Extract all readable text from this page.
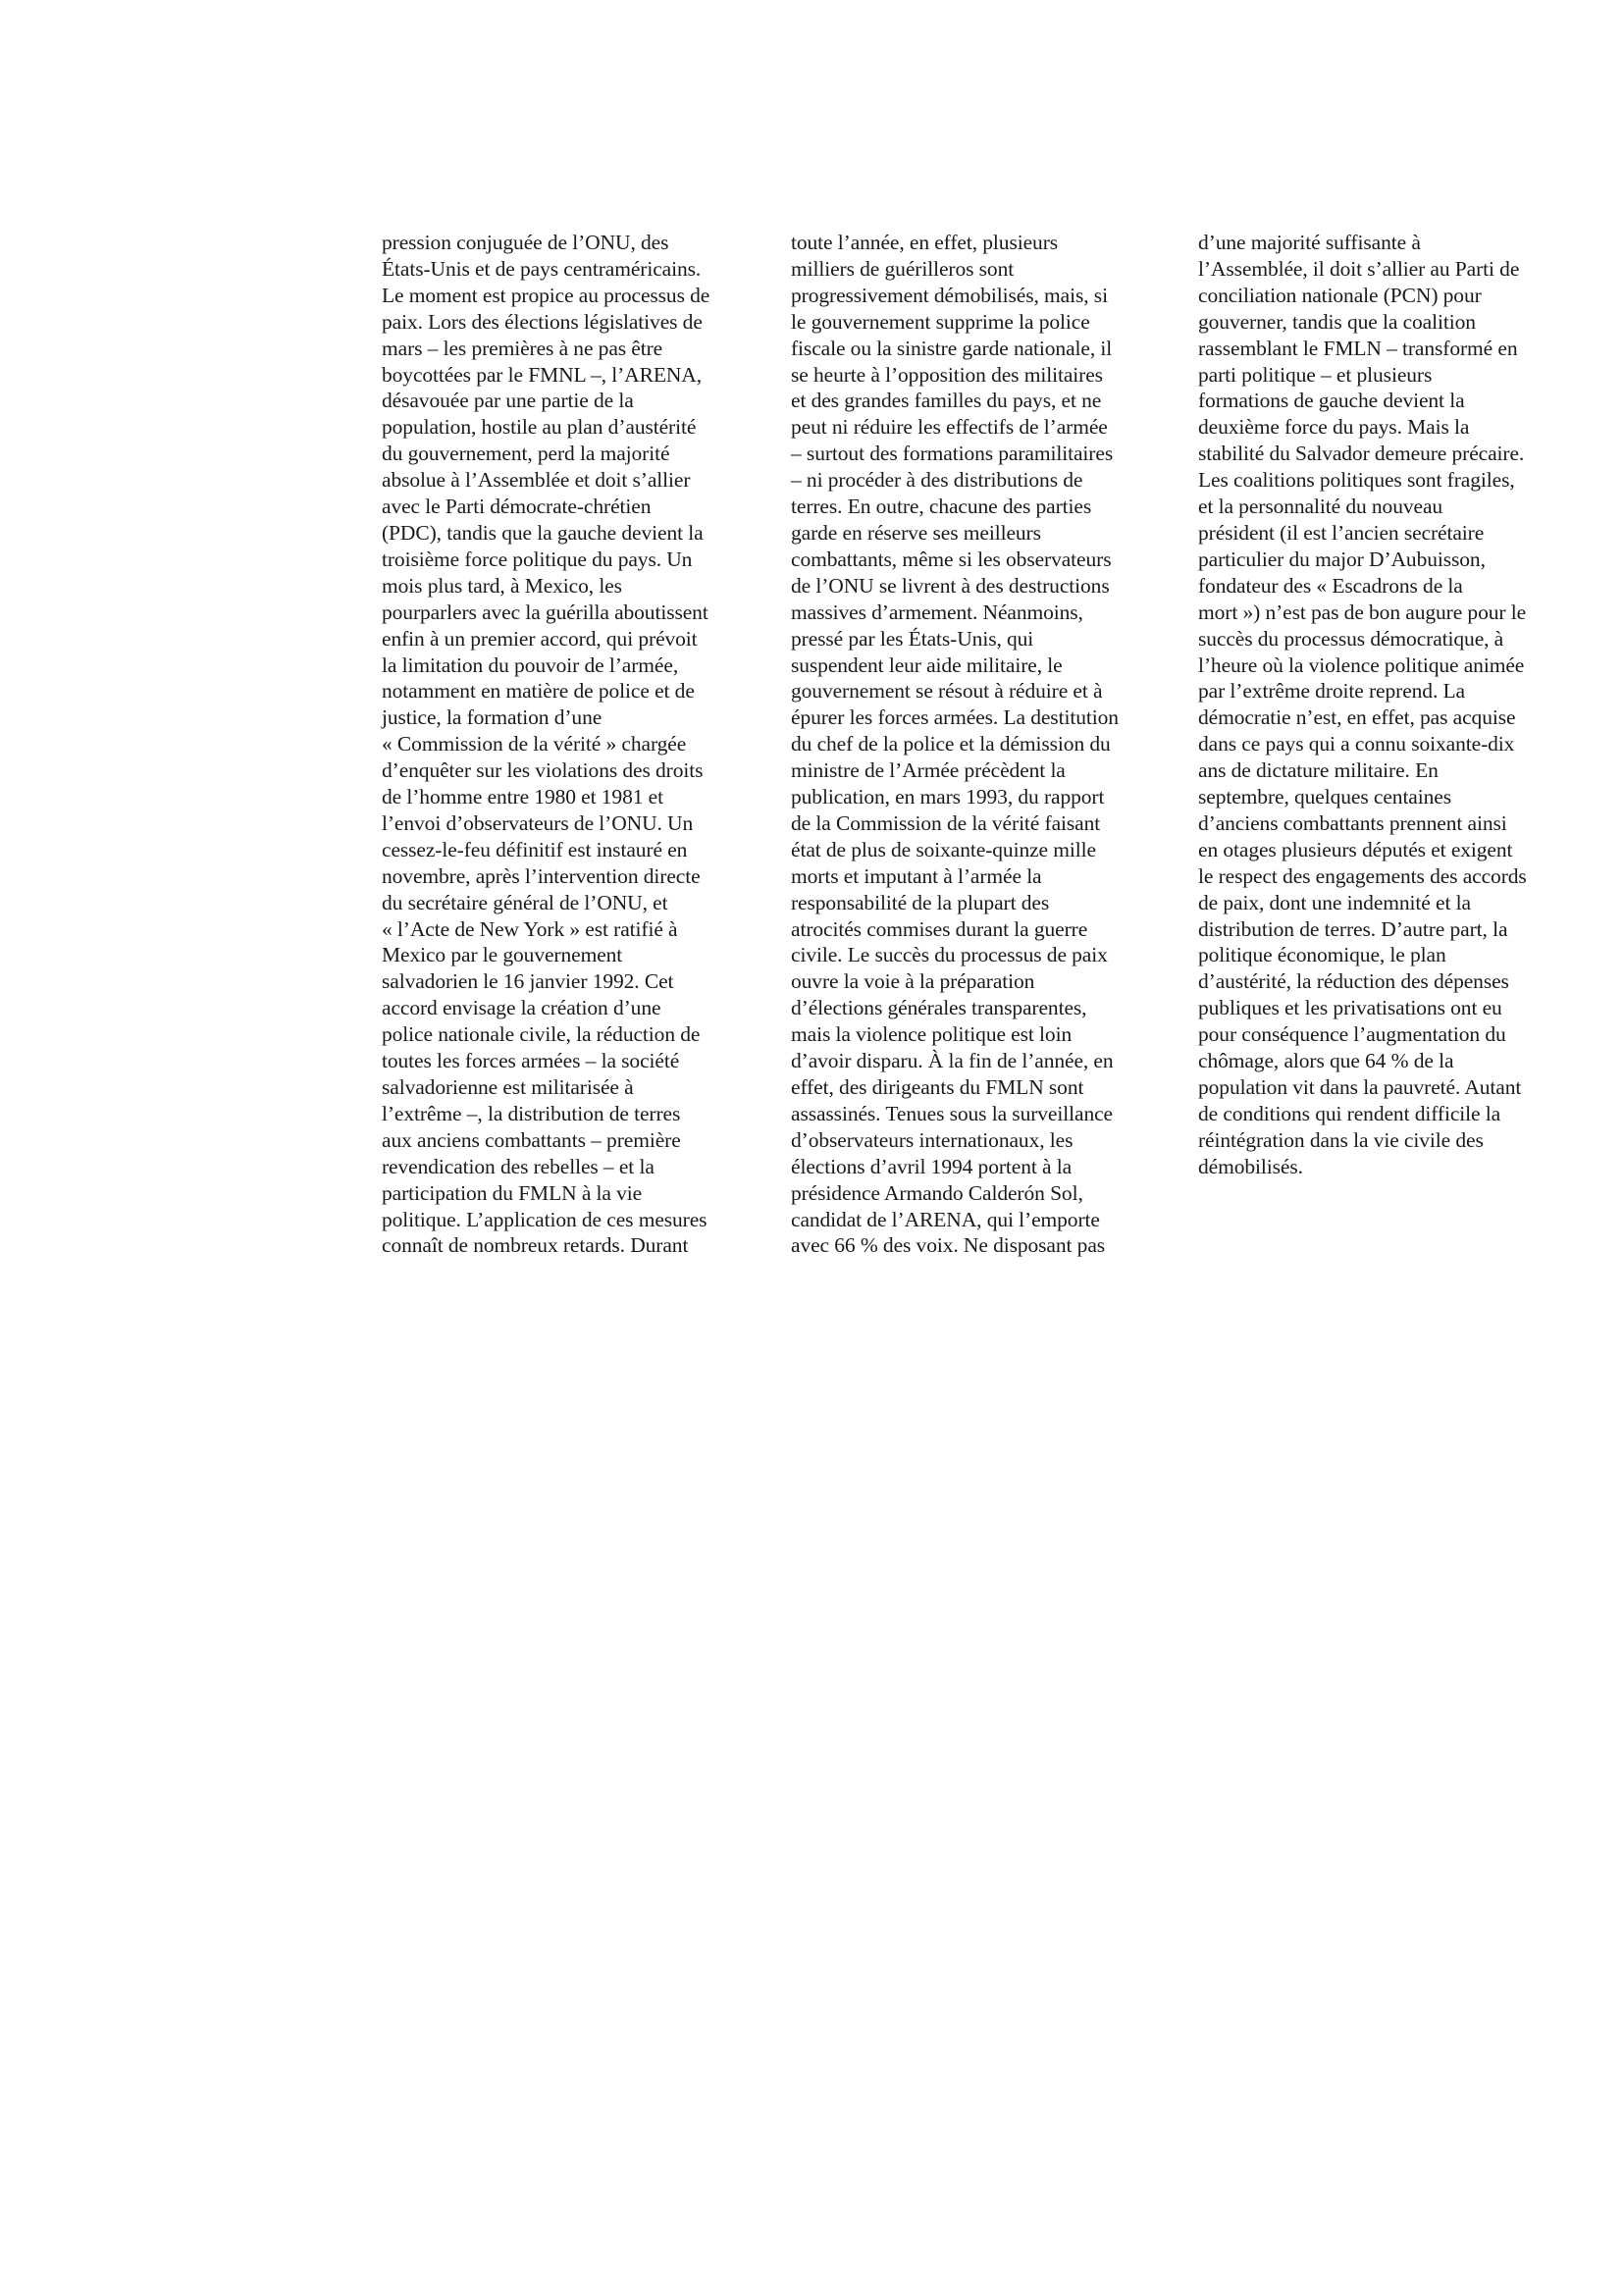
pression conjuguée de l’ONU, des
États-Unis et de pays centraméricains.
Le moment est propice au processus de
paix. Lors des élections législatives de
mars – les premières à ne pas être
boycottées par le FMNL –, l’ARENA,
désavouée par une partie de la
population, hostile au plan d’austérité
du gouvernement, perd la majorité
absolue à l’Assemblée et doit s’allier
avec le Parti démocrate-chrétien
(PDC), tandis que la gauche devient la
troisième force politique du pays. Un
mois plus tard, à Mexico, les
pourparlers avec la guérilla aboutissent
enfin à un premier accord, qui prévoit
la limitation du pouvoir de l’armée,
notamment en matière de police et de
justice, la formation d’une
« Commission de la vérité » chargée
d’enquêter sur les violations des droits
de l’homme entre 1980 et 1981 et
l’envoi d’observateurs de l’ONU. Un
cessez-le-feu définitif est instauré en
novembre, après l’intervention directe
du secrétaire général de l’ONU, et
« l’Acte de New York » est ratifié à
Mexico par le gouvernement
salvadorien le 16 janvier 1992. Cet
accord envisage la création d’une
police nationale civile, la réduction de
toutes les forces armées – la société
salvadorienne est militarisée à
l’extrême –, la distribution de terres
aux anciens combattants – première
revendication des rebelles – et la
participation du FMLN à la vie
politique. L’application de ces mesures
connaît de nombreux retards. Durant

toute l’année, en effet, plusieurs
milliers de guérilleros sont
progressivement démobilisés, mais, si
le gouvernement supprime la police
fiscale ou la sinistre garde nationale, il
se heurte à l’opposition des militaires
et des grandes familles du pays, et ne
peut ni réduire les effectifs de l’armée
– surtout des formations paramilitaires
– ni procéder à des distributions de
terres. En outre, chacune des parties
garde en réserve ses meilleurs
combattants, même si les observateurs
de l’ONU se livrent à des destructions
massives d’armement. Néanmoins,
pressé par les États-Unis, qui
suspendent leur aide militaire, le
gouvernement se résout à réduire et à
épurer les forces armées. La destitution
du chef de la police et la démission du
ministre de l’Armée précèdent la
publication, en mars 1993, du rapport
de la Commission de la vérité faisant
état de plus de soixante-quinze mille
morts et imputant à l’armée la
responsabilité de la plupart des
atrocités commises durant la guerre
civile. Le succès du processus de paix
ouvre la voie à la préparation
d’élections générales transparentes,
mais la violence politique est loin
d’avoir disparu. À la fin de l’année, en
effet, des dirigeants du FMLN sont
assassinés. Tenues sous la surveillance
d’observateurs internationaux, les
élections d’avril 1994 portent à la
présidence Armando Calderón Sol,
candidat de l’ARENA, qui l’emporte
avec 66 % des voix. Ne disposant pas

d’une majorité suffisante à
l’Assemblée, il doit s’allier au Parti de
conciliation nationale (PCN) pour
gouverner, tandis que la coalition
rassemblant le FMLN – transformé en
parti politique – et plusieurs
formations de gauche devient la
deuxième force du pays. Mais la
stabilité du Salvador demeure précaire.
Les coalitions politiques sont fragiles,
et la personnalité du nouveau
président (il est l’ancien secrétaire
particulier du major D’Aubuisson,
fondateur des « Escadrons de la
mort ») n’est pas de bon augure pour le
succès du processus démocratique, à
l’heure où la violence politique animée
par l’extrême droite reprend. La
démocratie n’est, en effet, pas acquise
dans ce pays qui a connu soixante-dix
ans de dictature militaire. En
septembre, quelques centaines
d’anciens combattants prennent ainsi
en otages plusieurs députés et exigent
le respect des engagements des accords
de paix, dont une indemnité et la
distribution de terres. D’autre part, la
politique économique, le plan
d’austérité, la réduction des dépenses
publiques et les privatisations ont eu
pour conséquence l’augmentation du
chômage, alors que 64 % de la
population vit dans la pauvreté. Autant
de conditions qui rendent difficile la
réintégration dans la vie civile des
démobilisés.
